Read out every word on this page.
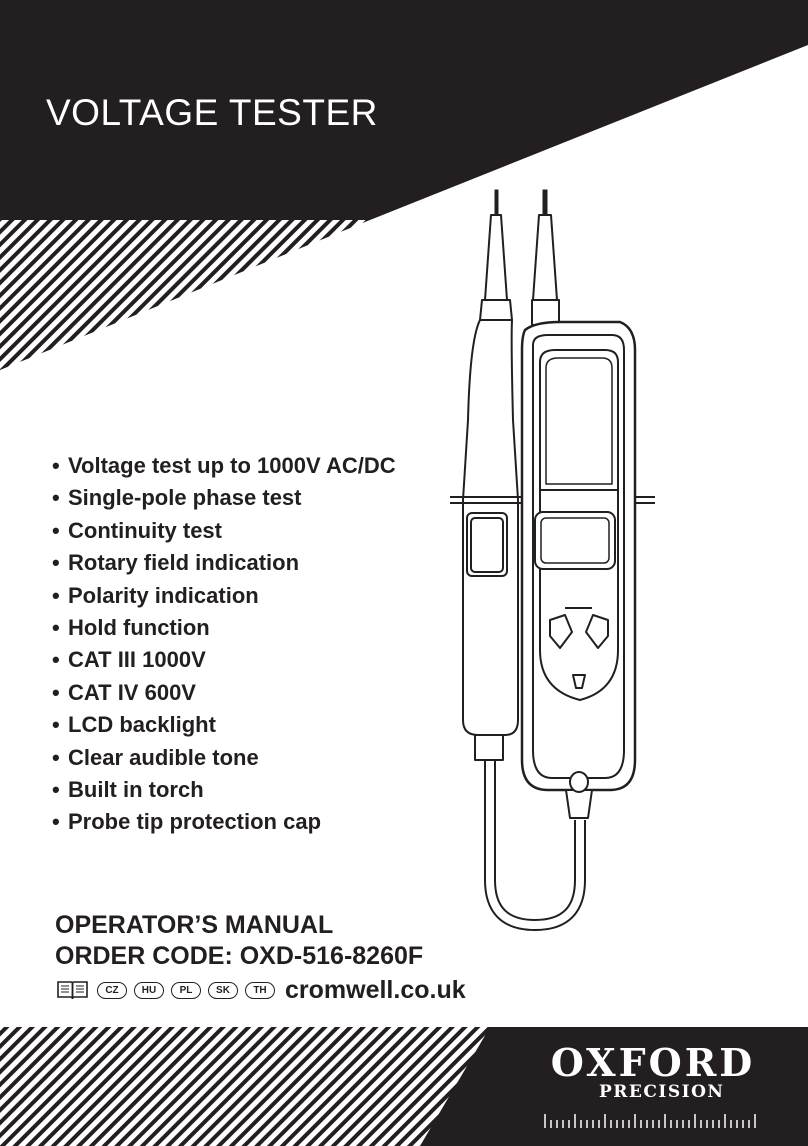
VOLTAGE TESTER
• Voltage test up to 1000V AC/DC
• Single-pole phase test
• Continuity test
• Rotary field indication
• Polarity indication
• Hold function
• CAT III 1000V
• CAT IV 600V
• LCD backlight
• Clear audible tone
• Built in torch
• Probe tip protection cap
OPERATOR’S MANUAL
ORDER CODE: OXD-516-8260F
CZ	HU	PL	SK	TH cromwell.co.uk
OXFORD
PRECISION
